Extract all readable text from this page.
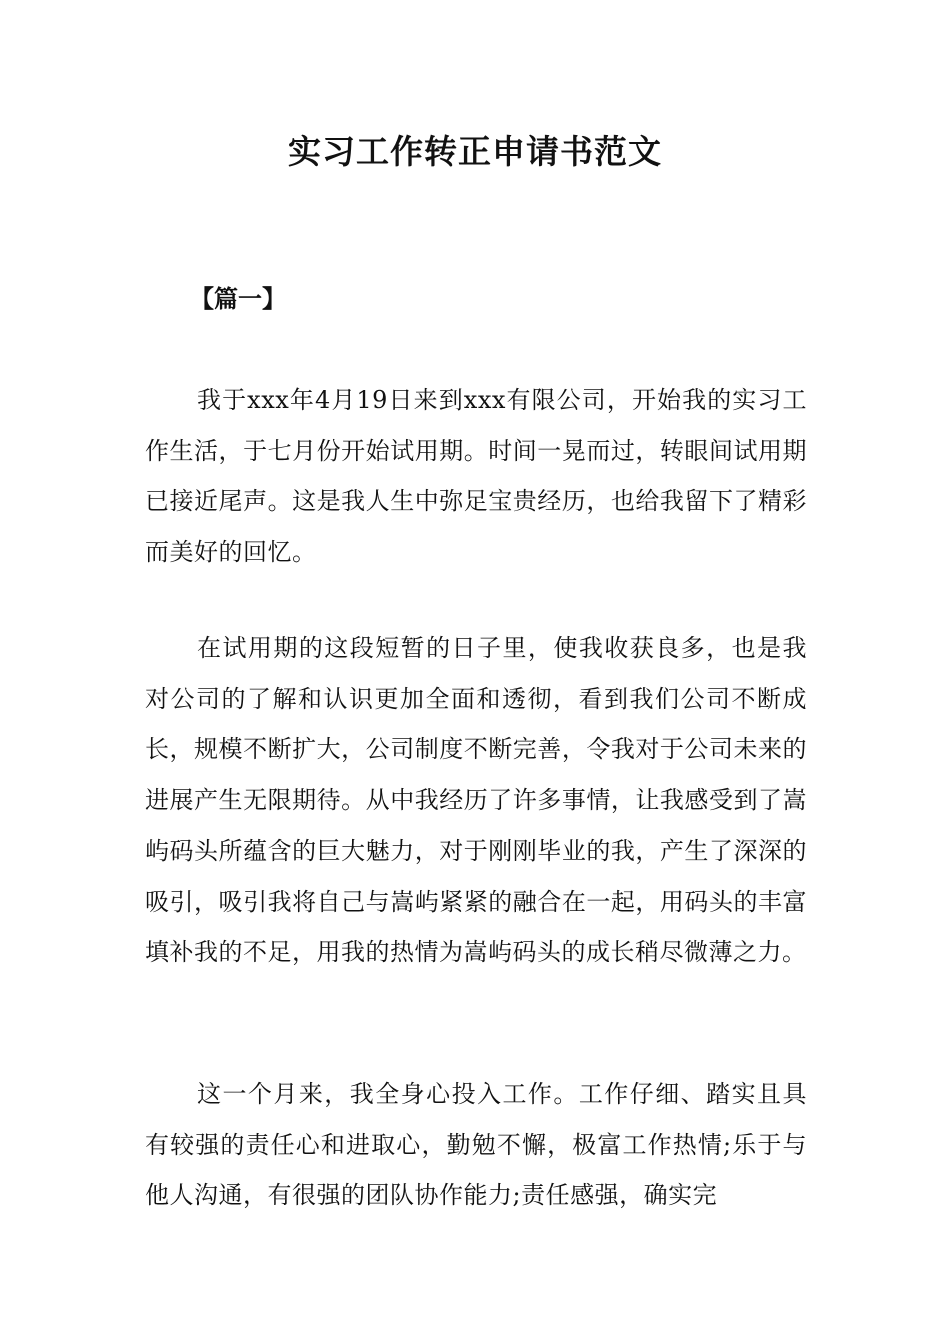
实习工作转正申请书范文
【篇一】

我于xxx年4月19日来到xxx有限公司，开始我的实习工作生活，于七月份开始试用期。时间一晃而过，转眼间试用期已接近尾声。这是我人生中弥足宝贵经历，也给我留下了精彩而美好的回忆。

在试用期的这段短暂的日子里，使我收获良多，也是我对公司的了解和认识更加全面和透彻，看到我们公司不断成长，规模不断扩大，公司制度不断完善，令我对于公司未来的进展产生无限期待。从中我经历了许多事情，让我感受到了嵩屿码头所蕴含的巨大魅力，对于刚刚毕业的我，产生了深深的吸引，吸引我将自己与嵩屿紧紧的融合在一起，用码头的丰富填补我的不足，用我的热情为嵩屿码头的成长稍尽微薄之力。

这一个月来，我全身心投入工作。工作仔细、踏实且具有较强的责任心和进取心，勤勉不懈，极富工作热情;乐于与他人沟通，有很强的团队协作能力;责任感强，确实完
